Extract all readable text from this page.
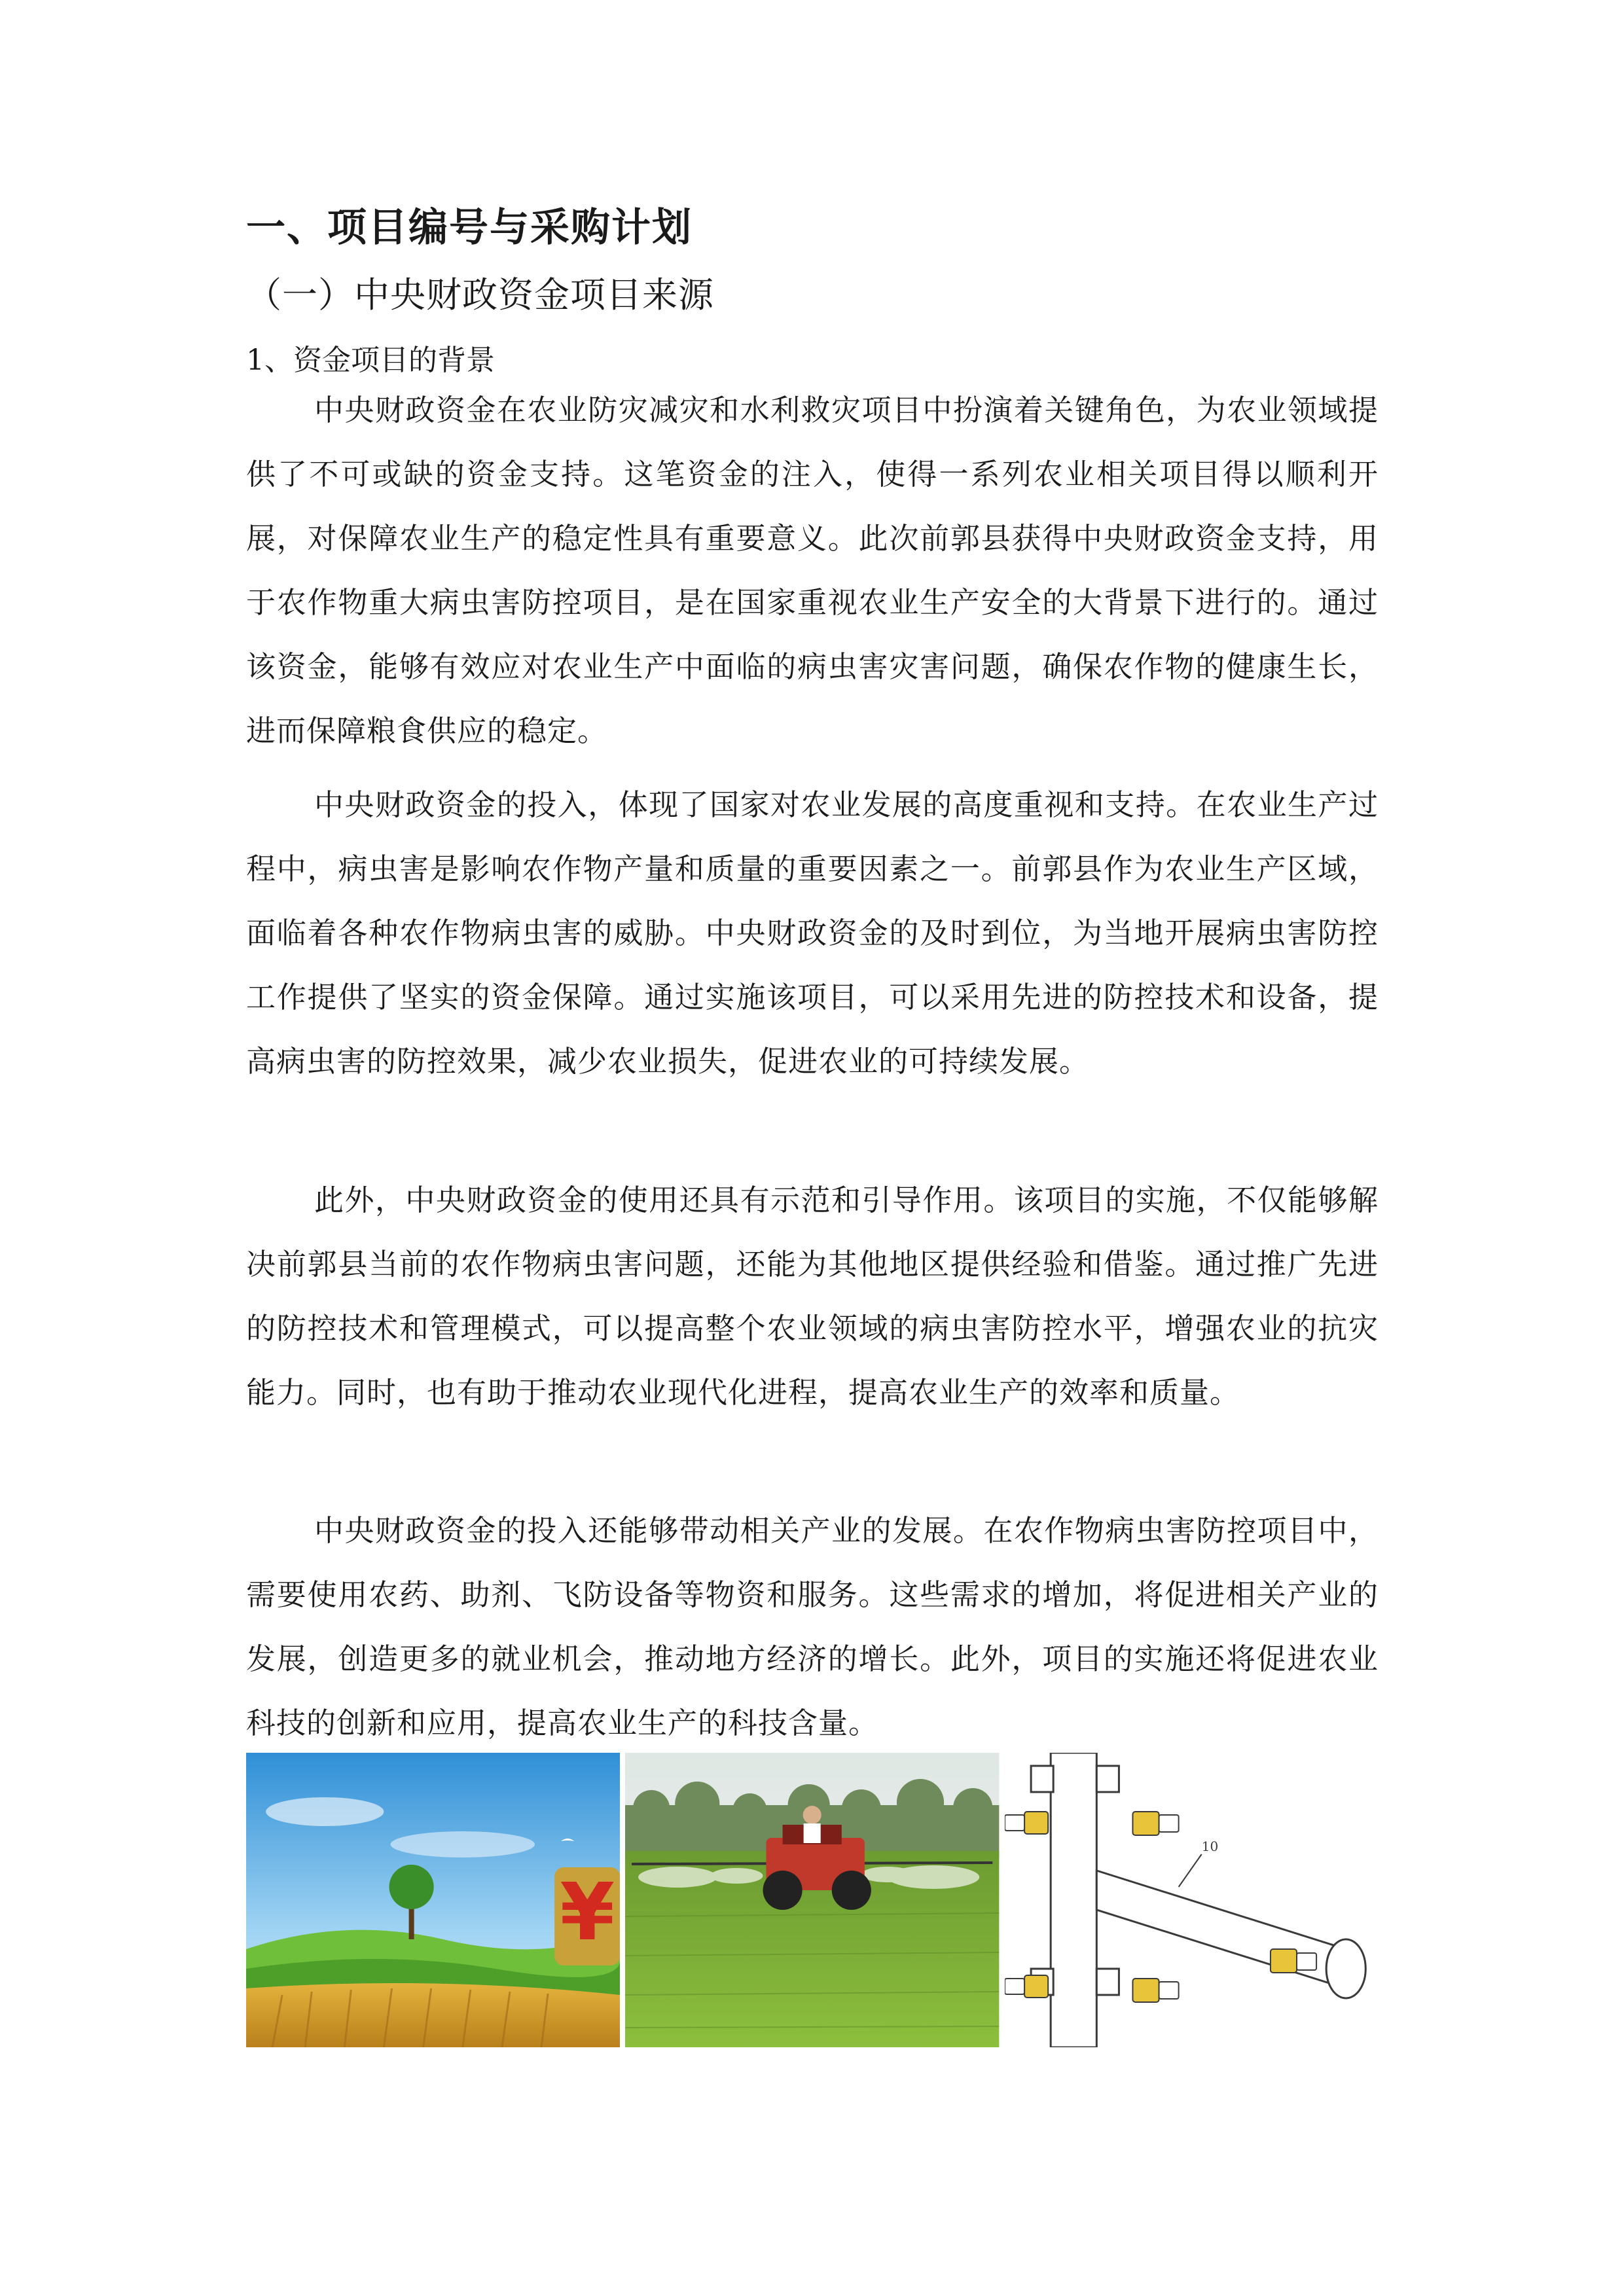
一、项目编号与采购计划
（一）中央财政资金项目来源
1、资金项目的背景

中央财政资金在农业防灾减灾和水利救灾项目中扮演着关键角色，为农业领域提供了不可或缺的资金支持。这笔资金的注入，使得一系列农业相关项目得以顺利开展，对保障农业生产的稳定性具有重要意义。此次前郭县获得中央财政资金支持，用于农作物重大病虫害防控项目，是在国家重视农业生产安全的大背景下进行的。通过该资金，能够有效应对农业生产中面临的病虫害灾害问题，确保农作物的健康生长，进而保障粮食供应的稳定。

中央财政资金的投入，体现了国家对农业发展的高度重视和支持。在农业生产过程中，病虫害是影响农作物产量和质量的重要因素之一。前郭县作为农业生产区域，面临着各种农作物病虫害的威胁。中央财政资金的及时到位，为当地开展病虫害防控工作提供了坚实的资金保障。通过实施该项目，可以采用先进的防控技术和设备，提高病虫害的防控效果，减少农业损失，促进农业的可持续发展。

此外，中央财政资金的使用还具有示范和引导作用。该项目的实施，不仅能够解决前郭县当前的农作物病虫害问题，还能为其他地区提供经验和借鉴。通过推广先进的防控技术和管理模式，可以提高整个农业领域的病虫害防控水平，增强农业的抗灾能力。同时，也有助于推动农业现代化进程，提高农业生产的效率和质量。

中央财政资金的投入还能够带动相关产业的发展。在农作物病虫害防控项目中，需要使用农药、助剂、飞防设备等物资和服务。这些需求的增加，将促进相关产业的发展，创造更多的就业机会，推动地方经济的增长。此外，项目的实施还将促进农业科技的创新和应用，提高农业生产的科技含量。

¥
10
